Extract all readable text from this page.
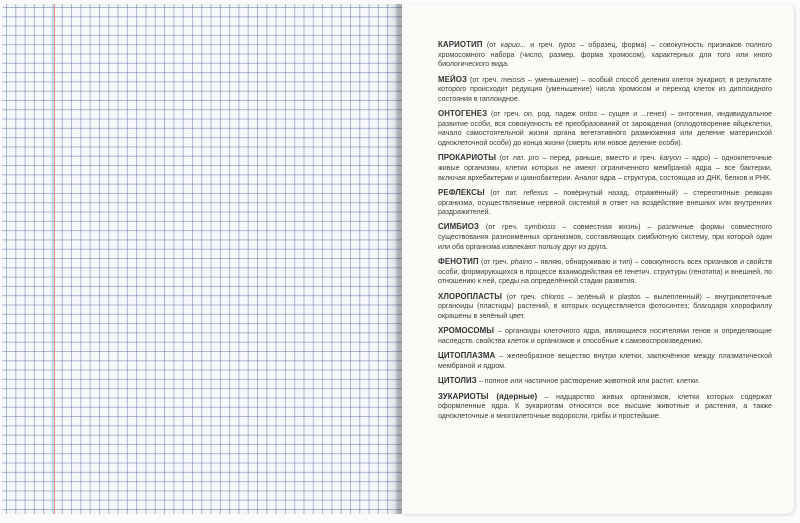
КАРИОТИП (от карио... и греч. typos – образец, форма) – совокупность признаков полного хромосомного набора (число, размер, форма хромосом), характерных для того или иного биологического вида.

МЕЙОЗ (от греч. meiosis – уменьшение) – особый способ деления клеток эукариот, в результате которого происходит редукция (уменьшение) числа хромосом и переход клеток из диплоидного состояния в гаплоидное.

ОНТОГЕНЕЗ (от греч. on, род. падеж ontos – сущее и ...генез) – онтогения, индивидуальное развитие особи, вся совокупность её преобразований от зарождения (оплодотворение яйцеклетки, начало самостоятельной жизни органа вегетативного размножения или деление материнской одноклеточной особи) до конца жизни (смерть или новое деление особи).

ПРОКАРИОТЫ (от лат. pro – перед, раньше, вместо и греч. karyon – ядро) – одноклеточные живые организмы, клетки которых не имеют ограниченного мембраной ядра – все бактерии, включая архебактерии и цианобактерии. Аналог ядра – структура, состоящая из ДНК, белков и РНК.

РЕФЛЕКСЫ (от лат. reflexus – повёрнутый назад, отражённый) – стереотипные реакции организма, осуществляемые нервной системой в ответ на воздействие внешних или внутренних раздражителей.

СИМБИОЗ (от греч. symbiosis – совместная жизнь) – различные формы совместного существования разноимённых организмов, составляющих симбиотную систему, при которой один или оба организма извлекают пользу друг из друга.

ФЕНОТИП (от греч. phaino – являю, обнаруживаю и тип) – совокупность всех признаков и свойств особи, формирующихся в процессе взаимодействия её генетич. структуры (генотипа) и внешней, по отношению к ней, среды на определённой стадии развития.

ХЛОРОПЛАСТЫ (от греч. chloros – зелёный и plastos – вылепленный) – внутриклеточные органоиды (пластиды) растений, в которых осуществляется фотосинтез; благодаря хлорофиллу окрашены в зелёный цвет.

ХРОМОСОМЫ – органоиды клеточного ядра, являющиеся носителями генов и определяющие наследств. свойства клеток и организмов и способные к самовоспроизведению.

ЦИТОПЛАЗМА – желеобразное вещество внутри клетки, заключённое между плазматической мембраной и ядром.

ЦИТОЛИЗ – полное или частичное растворение животной или растит. клетки.

ЗУКАРИОТЫ (ядерные) – надцарство живых организмов, клетки которых содержат оформленные ядра. К эукариотам относятся все высшие животные и растения, а также одноклеточные и многоклеточные водоросли, грибы и простейшие.
